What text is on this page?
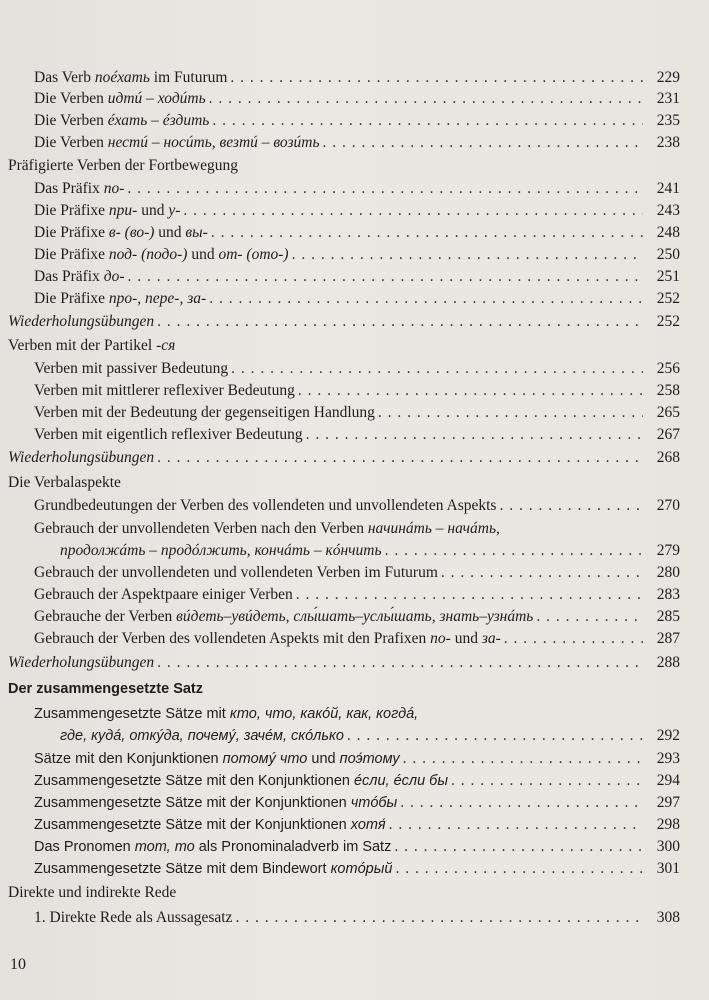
Das Verb поéхать im Futurum . . .	229
Die Verben идтú – ходúть . . .	231
Die Verben éхать – éздить . . .	235
Die Verben нестú – носúть, везтú – возúть . . .	238
Präfigierte Verben der Fortbewegung
Das Präfix по- . . .	241
Die Präfixe при- und у- . . .	243
Die Präfixe в- (во-) und вы- . . .	248
Die Präfixe под- (подо-) und от- (ото-) . . .	250
Das Präfix до- . . .	251
Die Präfixe про-, пере-, за- . . .	252
Wiederholungsübungen . . .	252
Verben mit der Partikel -ся
Verben mit passiver Bedeutung . . .	256
Verben mit mittlerer reflexiver Bedeutung . . .	258
Verben mit der Bedeutung der gegenseitigen Handlung . . .	265
Verben mit eigentlich reflexiver Bedeutung . . .	267
Wiederholungsübungen . . .	268
Die Verbalaspekte
Grundbedeutungen der Verben des vollendeten und unvollendeten Aspekts . . .	270
Gebrauch der unvollendeten Verben nach den Verben начинáть – начáть,
продолжáть – продóлжить, кончáть – кóнчить . . .	279
Gebrauch der unvollendeten und vollendeten Verben im Futurum . . .	280
Gebrauch der Aspektpaare einiger Verben . . .	283
Gebrauche der Verben вúдеть–увúдеть, слы́шать–услы́шать, знать–узнáть . . .	285
Gebrauch der Verben des vollendeten Aspekts mit den Prafixen по- und за- . . .	287
Wiederholungsübungen . . .	288
Der zusammengesetzte Satz
Zusammengesetzte Sätze mit кто, что, какóй, как, когдá,
где, кудá, откýда, почемý, зачéм, скóлько . . .	292
Sätze mit den Konjunktionen потомý что und поэ́тому . . .	293
Zusammengesetzte Sätze mit den Konjunktionen éсли, éсли бы . . .	294
Zusammengesetzte Sätze mit der Konjunktionen чтóбы . . .	297
Zusammengesetzte Sätze mit der Konjunktionen хотя́ . . .	298
Das Pronomen тот, то als Pronominaladverb im Satz . . .	300
Zusammengesetzte Sätze mit dem Bindewort котóрый . . .	301
Direkte und indirekte Rede
1. Direkte Rede als Aussagesatz . . .	308
10
